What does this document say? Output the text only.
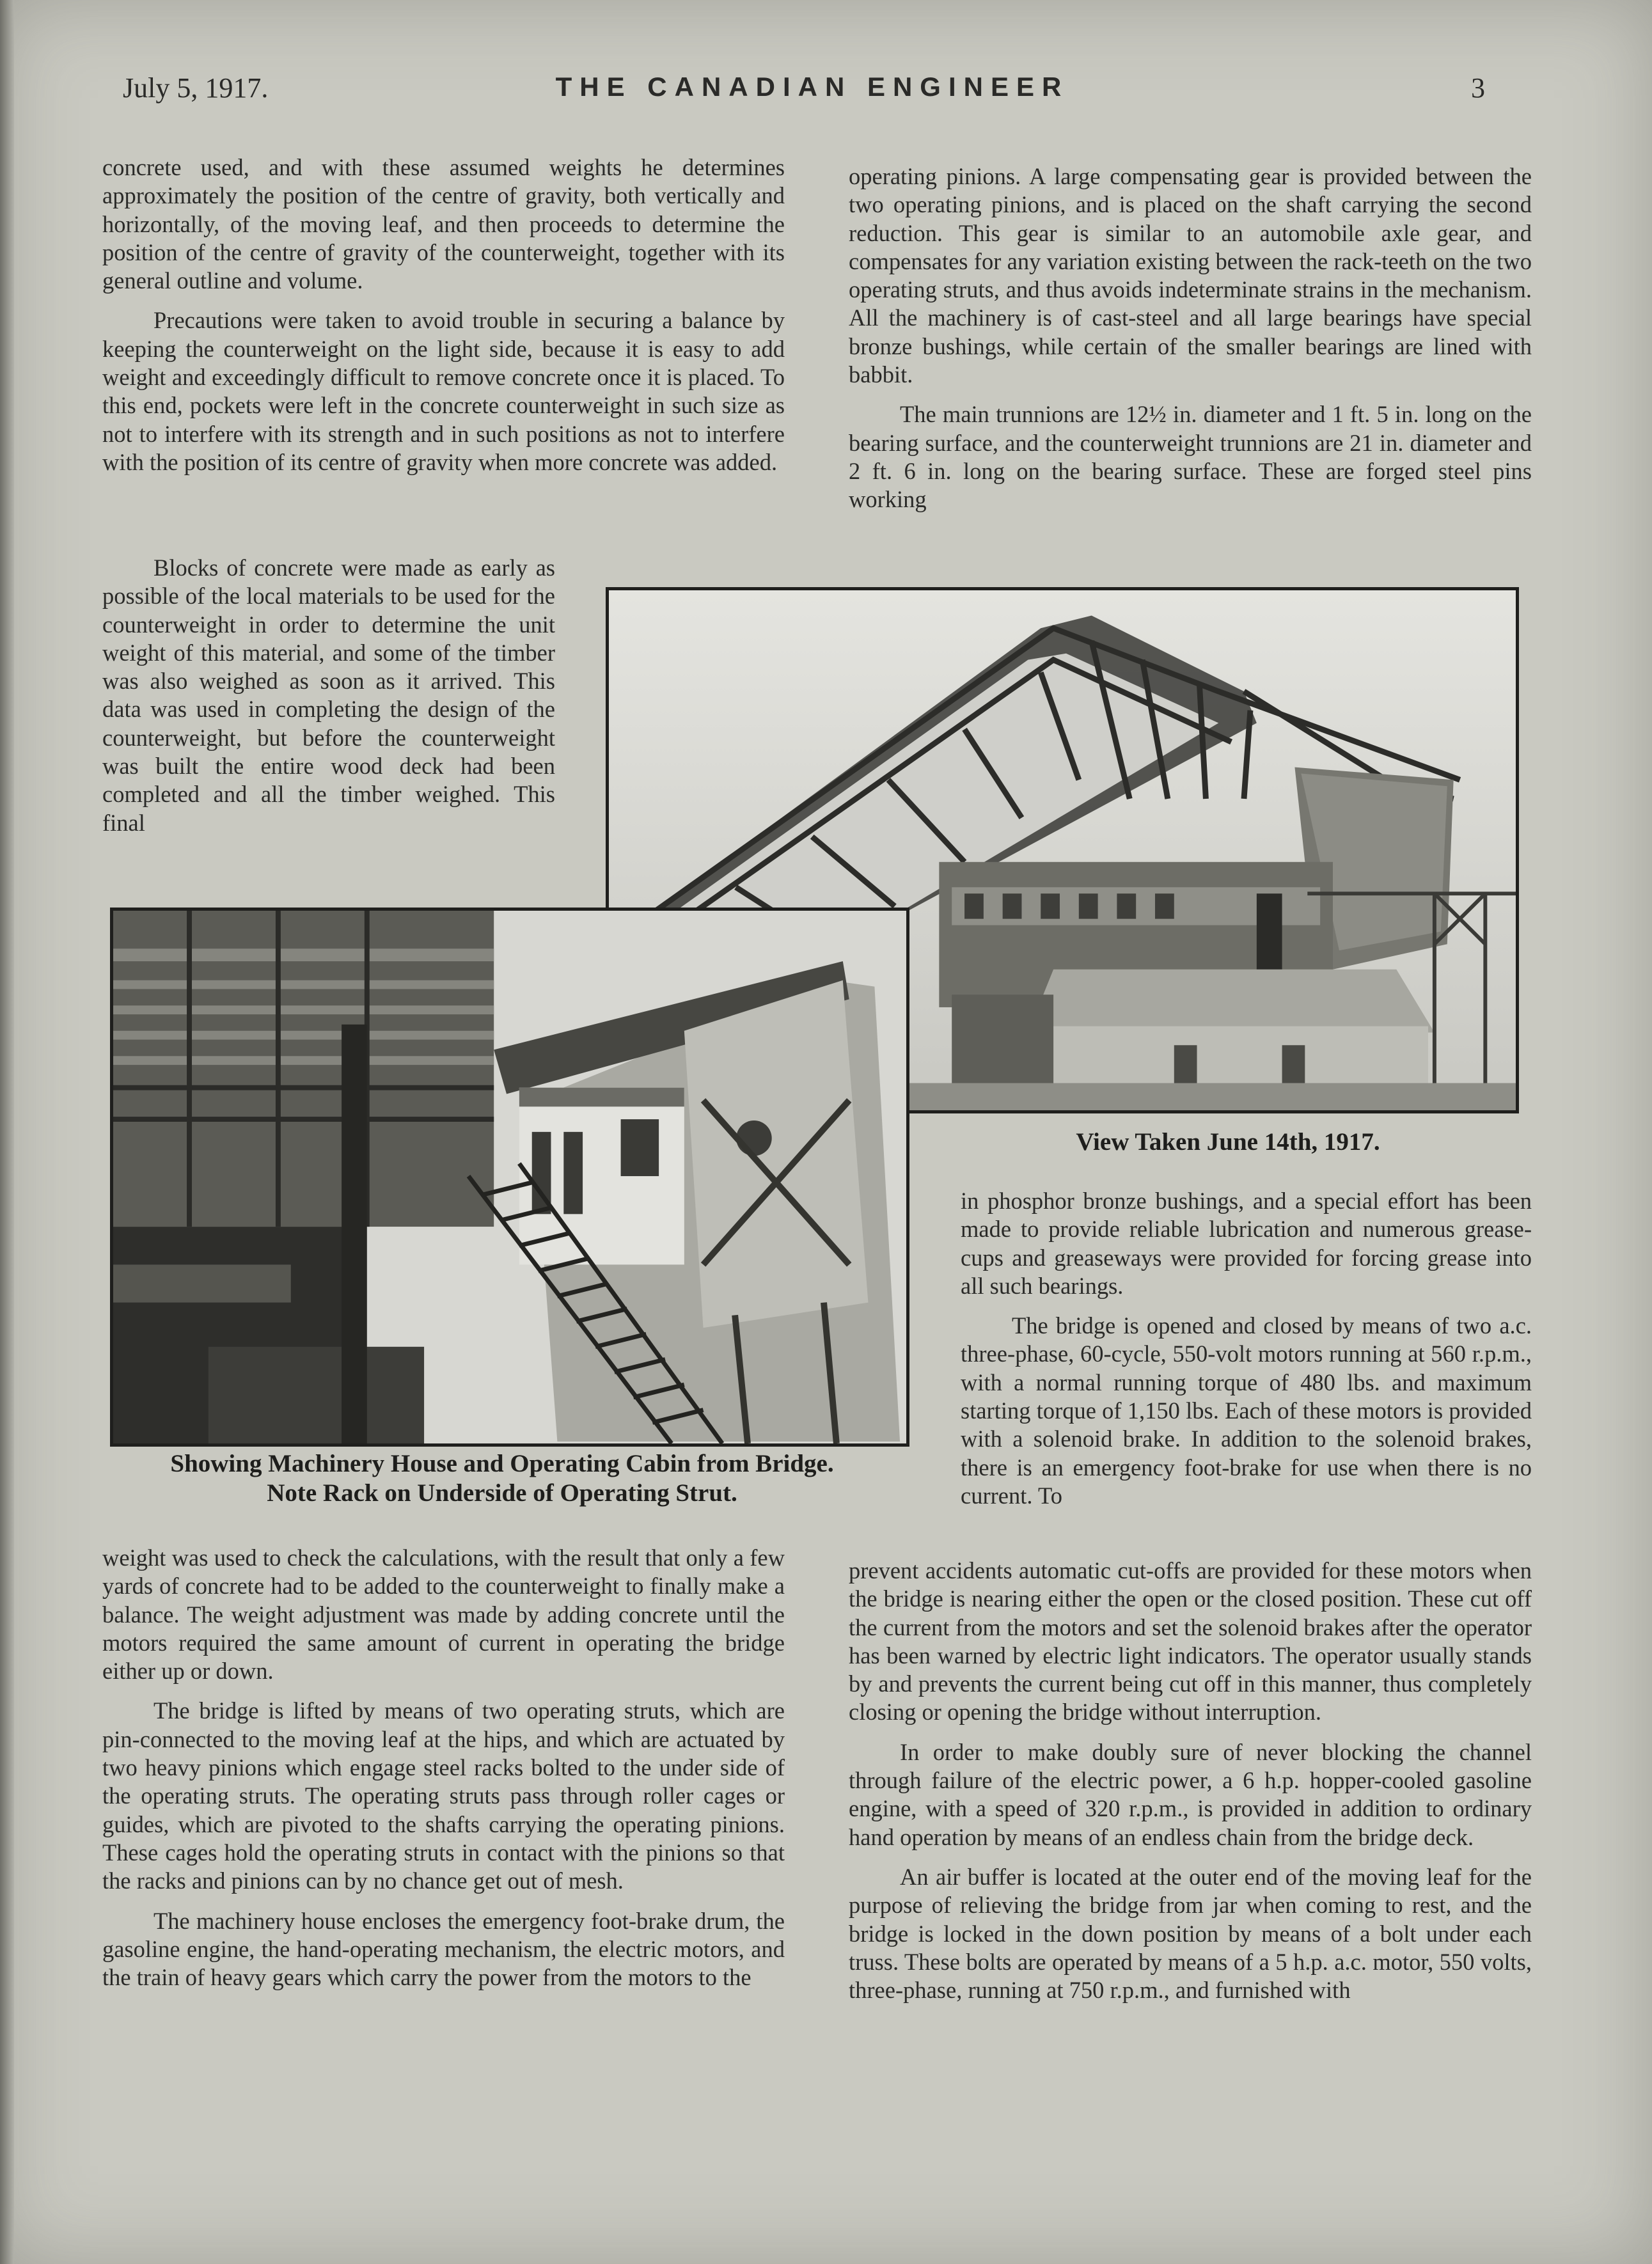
July 5, 1917.	THE CANADIAN ENGINEER	3

concrete used, and with these assumed weights he determines approximately the position of the centre of gravity, both vertically and horizontally, of the moving leaf, and then proceeds to determine the position of the centre of gravity of the counterweight, together with its general outline and volume.

Precautions were taken to avoid trouble in securing a balance by keeping the counterweight on the light side, because it is easy to add weight and exceedingly difficult to remove concrete once it is placed. To this end, pockets were left in the concrete counterweight in such size as not to interfere with its strength and in such positions as not to interfere with the position of its centre of gravity when more concrete was added.

Blocks of concrete were made as early as possible of the local materials to be used for the counterweight in order to determine the unit weight of this material, and some of the timber was also weighed as soon as it arrived. This data was used in completing the design of the counterweight, but before the counterweight was built the entire wood deck had been completed and all the timber weighed. This final

operating pinions. A large compensating gear is provided between the two operating pinions, and is placed on the shaft carrying the second reduction. This gear is similar to an automobile axle gear, and compensates for any variation existing between the rack-teeth on the two operating struts, and thus avoids indeterminate strains in the mechanism. All the machinery is of cast-steel and all large bearings have special bronze bushings, while certain of the smaller bearings are lined with babbit.

The main trunnions are 12½ in. diameter and 1 ft. 5 in. long on the bearing surface, and the counterweight trunnions are 21 in. diameter and 2 ft. 6 in. long on the bearing surface. These are forged steel pins working

View Taken June 14th, 1917.

in phosphor bronze bushings, and a special effort has been made to provide reliable lubrication and numerous grease-cups and greaseways were provided for forcing grease into all such bearings.

The bridge is opened and closed by means of two a.c. three-phase, 60-cycle, 550-volt motors running at 560 r.p.m., with a normal running torque of 480 lbs. and maximum starting torque of 1,150 lbs. Each of these motors is provided with a solenoid brake. In addition to the solenoid brakes, there is an emergency foot-brake for use when there is no current. To

Showing Machinery House and Operating Cabin from Bridge.
Note Rack on Underside of Operating Strut.

weight was used to check the calculations, with the result that only a few yards of concrete had to be added to the counterweight to finally make a balance. The weight adjustment was made by adding concrete until the motors required the same amount of current in operating the bridge either up or down.

The bridge is lifted by means of two operating struts, which are pin-connected to the moving leaf at the hips, and which are actuated by two heavy pinions which engage steel racks bolted to the under side of the operating struts. The operating struts pass through roller cages or guides, which are pivoted to the shafts carrying the operating pinions. These cages hold the operating struts in contact with the pinions so that the racks and pinions can by no chance get out of mesh.

The machinery house encloses the emergency foot-brake drum, the gasoline engine, the hand-operating mechanism, the electric motors, and the train of heavy gears which carry the power from the motors to the

prevent accidents automatic cut-offs are provided for these motors when the bridge is nearing either the open or the closed position. These cut off the current from the motors and set the solenoid brakes after the operator has been warned by electric light indicators. The operator usually stands by and prevents the current being cut off in this manner, thus completely closing or opening the bridge without interruption.

In order to make doubly sure of never blocking the channel through failure of the electric power, a 6 h.p. hopper-cooled gasoline engine, with a speed of 320 r.p.m., is provided in addition to ordinary hand operation by means of an endless chain from the bridge deck.

An air buffer is located at the outer end of the moving leaf for the purpose of relieving the bridge from jar when coming to rest, and the bridge is locked in the down position by means of a bolt under each truss. These bolts are operated by means of a 5 h.p. a.c. motor, 550 volts, three-phase, running at 750 r.p.m., and furnished with
